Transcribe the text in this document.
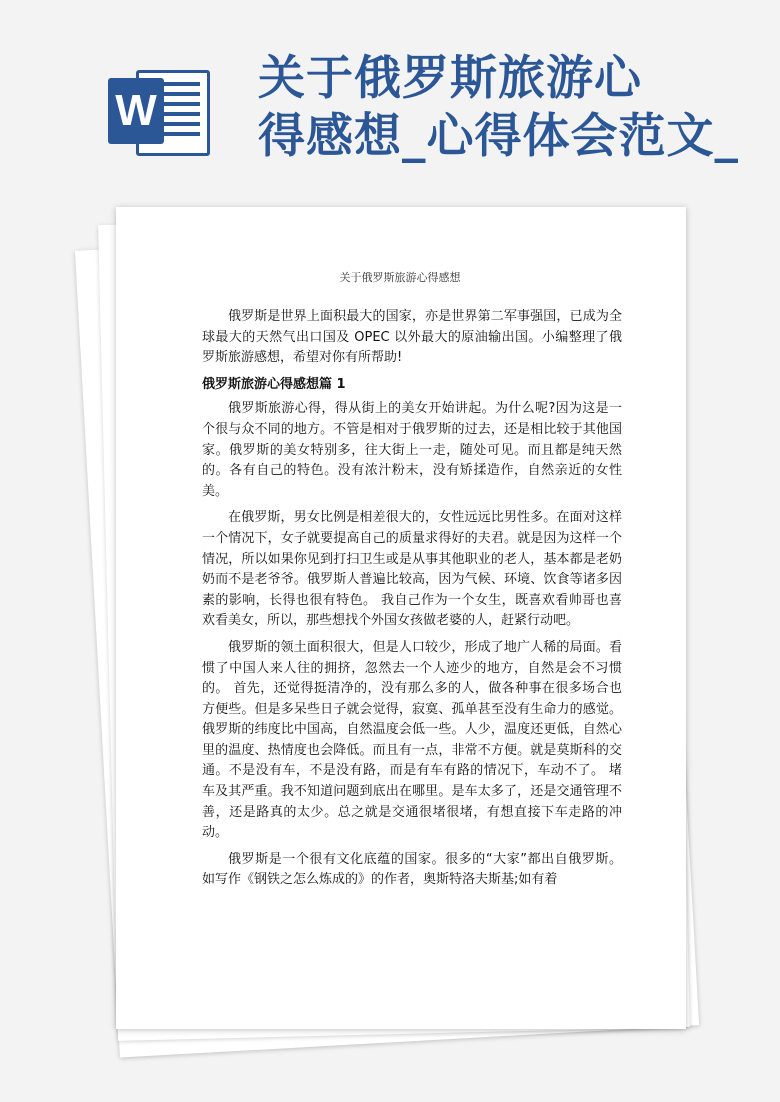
W
关于俄罗斯旅游心
得感想_心得体会范文_
关于俄罗斯旅游心得感想

俄罗斯是世界上面积最大的国家，亦是世界第二军事强国，已成为全球最大的天然气出口国及 OPEC 以外最大的原油输出国。小编整理了俄罗斯旅游感想，希望对你有所帮助!

俄罗斯旅游心得感想篇 1

俄罗斯旅游心得，得从街上的美女开始讲起。为什么呢?因为这是一个很与众不同的地方。不管是相对于俄罗斯的过去，还是相比较于其他国家。俄罗斯的美女特别多，往大街上一走，随处可见。而且都是纯天然的。各有自己的特色。没有浓汁粉末，没有矫揉造作，自然亲近的女性美。

在俄罗斯，男女比例是相差很大的，女性远远比男性多。在面对这样一个情况下，女子就要提高自己的质量求得好的夫君。就是因为这样一个情况，所以如果你见到打扫卫生或是从事其他职业的老人，基本都是老奶奶而不是老爷爷。俄罗斯人普遍比较高，因为气候、环境、饮食等诸多因素的影响，长得也很有特色。 我自己作为一个女生，既喜欢看帅哥也喜欢看美女，所以，那些想找个外国女孩做老婆的人，赶紧行动吧。

俄罗斯的领土面积很大，但是人口较少，形成了地广人稀的局面。看惯了中国人来人往的拥挤，忽然去一个人迹少的地方，自然是会不习惯的。 首先，还觉得挺清净的，没有那么多的人，做各种事在很多场合也方便些。但是多呆些日子就会觉得，寂寞、孤单甚至没有生命力的感觉。俄罗斯的纬度比中国高，自然温度会低一些。人少，温度还更低，自然心里的温度、热情度也会降低。而且有一点，非常不方便。就是莫斯科的交通。不是没有车，不是没有路，而是有车有路的情况下，车动不了。 堵车及其严重。我不知道问题到底出在哪里。是车太多了，还是交通管理不善，还是路真的太少。总之就是交通很堵很堵，有想直接下车走路的冲动。

俄罗斯是一个很有文化底蕴的国家。很多的“大家”都出自俄罗斯。 如写作《钢铁之怎么炼成的》的作者，奥斯特洛夫斯基;如有着
